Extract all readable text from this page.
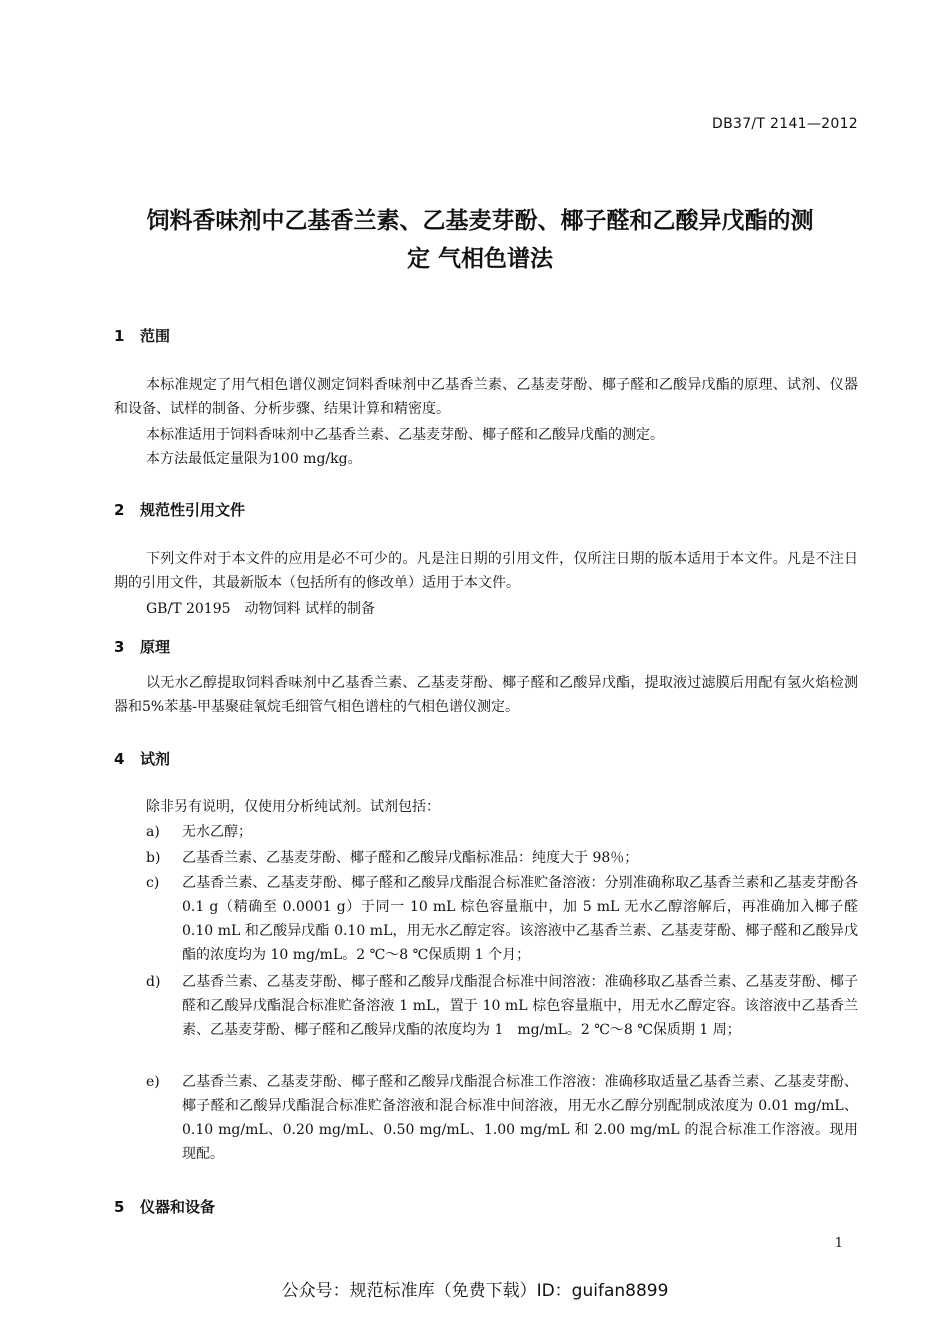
DB37/T 2141—2012
饲料香味剂中乙基香兰素、乙基麦芽酚、椰子醛和乙酸异戊酯的测
定 气相色谱法
1 范围
本标准规定了用气相色谱仪测定饲料香味剂中乙基香兰素、乙基麦芽酚、椰子醛和乙酸异戊酯的原理、试剂、仪器和设备、试样的制备、分析步骤、结果计算和精密度。
本标准适用于饲料香味剂中乙基香兰素、乙基麦芽酚、椰子醛和乙酸异戊酯的测定。
本方法最低定量限为100 mg/kg。
2 规范性引用文件
下列文件对于本文件的应用是必不可少的。凡是注日期的引用文件，仅所注日期的版本适用于本文件。凡是不注日期的引用文件，其最新版本（包括所有的修改单）适用于本文件。
GB/T 20195　动物饲料 试样的制备
3 原理
以无水乙醇提取饲料香味剂中乙基香兰素、乙基麦芽酚、椰子醛和乙酸异戊酯，提取液过滤膜后用配有氢火焰检测器和5%苯基-甲基聚硅氧烷毛细管气相色谱柱的气相色谱仪测定。
4 试剂
除非另有说明，仅使用分析纯试剂。试剂包括：
a) 无水乙醇；
b) 乙基香兰素、乙基麦芽酚、椰子醛和乙酸异戊酯标准品：纯度大于 98％；
c) 乙基香兰素、乙基麦芽酚、椰子醛和乙酸异戊酯混合标准贮备溶液：分别准确称取乙基香兰素和乙基麦芽酚各 0.1 g（精确至 0.0001 g）于同一 10 mL 棕色容量瓶中，加 5 mL 无水乙醇溶解后，再准确加入椰子醛 0.10 mL 和乙酸异戊酯 0.10 mL，用无水乙醇定容。该溶液中乙基香兰素、乙基麦芽酚、椰子醛和乙酸异戊酯的浓度均为 10 mg/mL。2 ℃～8 ℃保质期 1 个月；
d) 乙基香兰素、乙基麦芽酚、椰子醛和乙酸异戊酯混合标准中间溶液：准确移取乙基香兰素、乙基麦芽酚、椰子醛和乙酸异戊酯混合标准贮备溶液 1 mL，置于 10 mL 棕色容量瓶中，用无水乙醇定容。该溶液中乙基香兰素、乙基麦芽酚、椰子醛和乙酸异戊酯的浓度均为 1　mg/mL。2 ℃～8 ℃保质期 1 周；
e) 乙基香兰素、乙基麦芽酚、椰子醛和乙酸异戊酯混合标准工作溶液：准确移取适量乙基香兰素、乙基麦芽酚、椰子醛和乙酸异戊酯混合标准贮备溶液和混合标准中间溶液，用无水乙醇分别配制成浓度为 0.01 mg/mL、0.10 mg/mL、0.20 mg/mL、0.50 mg/mL、1.00 mg/mL 和 2.00 mg/mL 的混合标准工作溶液。现用现配。
5 仪器和设备
1
公众号：规范标准库（免费下载）ID：guifan8899
